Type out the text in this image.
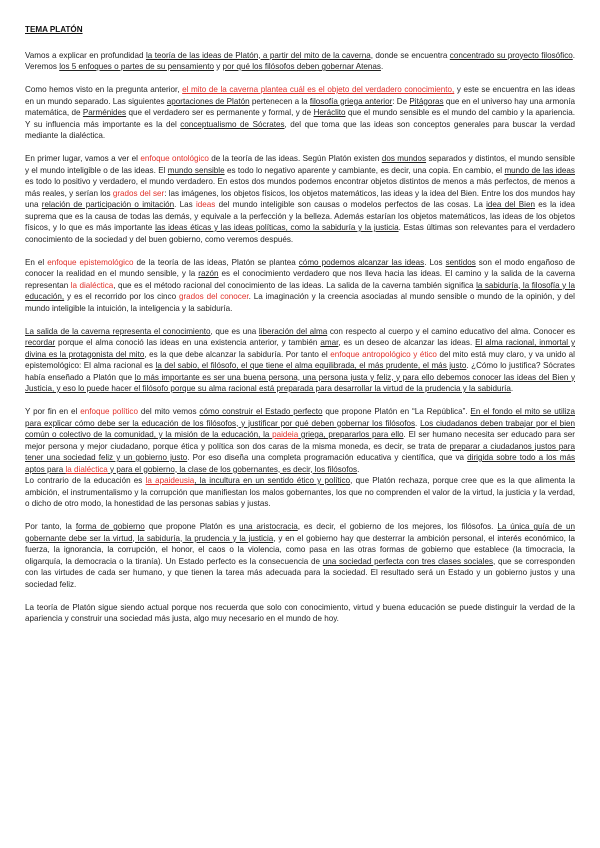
TEMA PLATÓN

Vamos a explicar en profundidad la teoría de las ideas de Platón, a partir del mito de la caverna, donde se encuentra concentrado su proyecto filosófico. Veremos los 5 enfoques o partes de su pensamiento y por qué los filósofos deben gobernar Atenas.

Como hemos visto en la pregunta anterior, el mito de la caverna plantea cuál es el objeto del verdadero conocimiento, y este se encuentra en las ideas en un mundo separado. Las siguientes aportaciones de Platón pertenecen a la filosofía griega anterior: De Pitágoras que en el universo hay una armonía matemática, de Parménides que el verdadero ser es permanente y formal, y de Heráclito que el mundo sensible es el mundo del cambio y la apariencia. Y su influencia más importante es la del conceptualismo de Sócrates, del que toma que las ideas son conceptos generales para buscar la verdad mediante la dialéctica.

En primer lugar, vamos a ver el enfoque ontológico de la teoría de las ideas. Según Platón existen dos mundos separados y distintos, el mundo sensible y el mundo inteligible o de las ideas. El mundo sensible es todo lo negativo aparente y cambiante, es decir, una copia. En cambio, el mundo de las ideas es todo lo positivo y verdadero, el mundo verdadero. En estos dos mundos podemos encontrar objetos distintos de menos a más perfectos, de menos a más reales, y serían los grados del ser: las imágenes, los objetos físicos, los objetos matemáticos, las ideas y la idea del Bien. Entre los dos mundos hay una relación de participación o imitación. Las ideas del mundo inteligible son causas o modelos perfectos de las cosas. La idea del Bien es la idea suprema que es la causa de todas las demás, y equivale a la perfección y la belleza. Además estarían los objetos matemáticos, las ideas de los objetos físicos, y lo que es más importante las ideas éticas y las ideas políticas, como la sabiduría y la justicia. Estas últimas son relevantes para el verdadero conocimiento de la sociedad y del buen gobierno, como veremos después.

En el enfoque epistemológico de la teoría de las ideas, Platón se plantea cómo podemos alcanzar las ideas. Los sentidos son el modo engañoso de conocer la realidad en el mundo sensible, y la razón es el conocimiento verdadero que nos lleva hacia las ideas. El camino y la salida de la caverna representan la dialéctica, que es el método racional del conocimiento de las ideas. La salida de la caverna también significa la sabiduría, la filosofía y la educación, y es el recorrido por los cinco grados del conocer. La imaginación y la creencia asociadas al mundo sensible o mundo de la opinión, y del mundo inteligible la intuición, la inteligencia y la sabiduría.

La salida de la caverna representa el conocimiento, que es una liberación del alma con respecto al cuerpo y el camino educativo del alma. Conocer es recordar porque el alma conoció las ideas en una existencia anterior, y también amar, es un deseo de alcanzar las ideas. El alma racional, inmortal y divina es la protagonista del mito, es la que debe alcanzar la sabiduría. Por tanto el enfoque antropológico y ético del mito está muy claro, y va unido al epistemológico: El alma racional es la del sabio, el filósofo, el que tiene el alma equilibrada, el más prudente, el más justo. ¿Cómo lo justifica? Sócrates había enseñado a Platón que lo más importante es ser una buena persona, una persona justa y feliz, y para ello debemos conocer las ideas del Bien y Justicia, y eso lo puede hacer el filósofo porque su alma racional está preparada para desarrollar la virtud de la prudencia y la sabiduría.

Y por fin en el enfoque político del mito vemos cómo construir el Estado perfecto que propone Platón en “La República”. En el fondo el mito se utiliza para explicar cómo debe ser la educación de los filósofos, y justificar por qué deben gobernar los filósofos. Los ciudadanos deben trabajar por el bien común o colectivo de la comunidad, y la misión de la educación, la paideia griega, prepararlos para ello. El ser humano necesita ser educado para ser mejor persona y mejor ciudadano, porque ética y política son dos caras de la misma moneda, es decir, se trata de preparar a ciudadanos justos para tener una sociedad feliz y un gobierno justo. Por eso diseña una completa programación educativa y científica, que va dirigida sobre todo a los más aptos para la dialéctica y para el gobierno, la clase de los gobernantes, es decir, los filósofos.

Lo contrario de la educación es la apaideusia, la incultura en un sentido ético y político, que Platón rechaza, porque cree que es la que alimenta la ambición, el instrumentalismo y la corrupción que manifiestan los malos gobernantes, los que no comprenden el valor de la virtud, la justicia y la verdad, o dicho de otro modo, la honestidad de las personas sabias y justas.

Por tanto, la forma de gobierno que propone Platón es una aristocracia, es decir, el gobierno de los mejores, los filósofos. La única guía de un gobernante debe ser la virtud, la sabiduría, la prudencia y la justicia, y en el gobierno hay que desterrar la ambición personal, el interés económico, la fuerza, la ignorancia, la corrupción, el honor, el caos o la violencia, como pasa en las otras formas de gobierno que establece (la timocracia, la oligarquía, la democracia o la tiranía). Un Estado perfecto es la consecuencia de una sociedad perfecta con tres clases sociales, que se corresponden con las virtudes de cada ser humano, y que tienen la tarea más adecuada para la sociedad. El resultado será un Estado y un gobierno justos y una sociedad feliz.

La teoría de Platón sigue siendo actual porque nos recuerda que solo con conocimiento, virtud y buena educación se puede distinguir la verdad de la apariencia y construir una sociedad más justa, algo muy necesario en el mundo de hoy.
